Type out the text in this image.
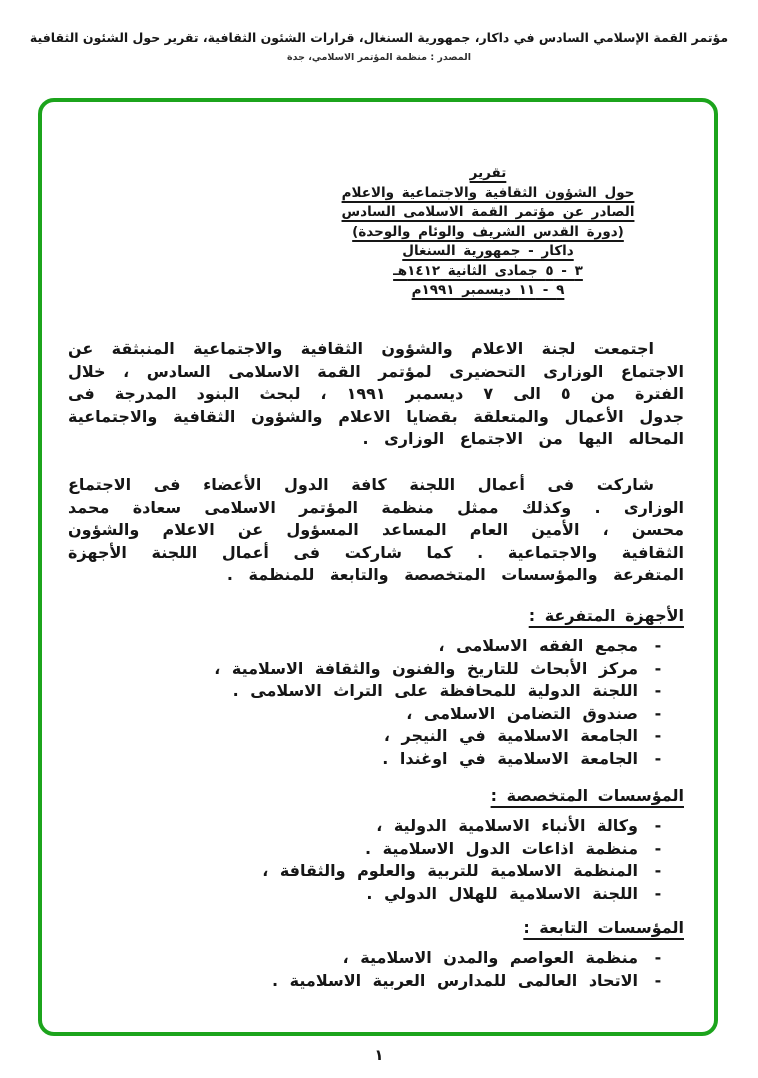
مؤتمر القمة الإسلامي السادس في داكار، جمهورية السنغال، قرارات الشئون الثقافية، تقرير حول الشئون الثقافية
المصدر : منظمة المؤتمر الاسلامي، جدة
تقرير
حول الشؤون الثقافية والاجتماعية والاعلام
الصادر عن مؤتمر القمة الاسلامى السادس
(دورة القدس الشريف والوئام والوحدة)
داكار - جمهورية السنغال
٣ - ٥ جمادى الثانية ١٤١٢هـ
٩ - ١١ ديسمبر ١٩٩١م

اجتمعت لجنة الاعلام والشؤون الثقافية والاجتماعية المنبثقة عن الاجتماع الوزارى التحضيرى لمؤتمر القمة الاسلامى السادس ، خلال الفترة من ٥ الى ٧ ديسمبر ١٩٩١ ، لبحث البنود المدرجة فى جدول الأعمال والمتعلقة بقضايا الاعلام والشؤون الثقافية والاجتماعية المحاله اليها من الاجتماع الوزارى .

شاركت فى أعمال اللجنة كافة الدول الأعضاء فى الاجتماع الوزارى . وكذلك ممثل منظمة المؤتمر الاسلامى سعادة محمد محسن ، الأمين العام المساعد المسؤول عن الاعلام والشؤون الثقافية والاجتماعية . كما شاركت فى أعمال اللجنة الأجهزة المتفرعة والمؤسسات المتخصصة والتابعة للمنظمة .

الأجهزة المتفرعة :
-
مجمع الفقه الاسلامى ،
-
مركز الأبحاث للتاريخ والفنون والثقافة الاسلامية ،
-
اللجنة الدولية للمحافظة على التراث الاسلامى .
-
صندوق التضامن الاسلامى ،
-
الجامعة الاسلامية في النيجر ،
-
الجامعة الاسلامية في اوغندا .
المؤسسات المتخصصة :
-
وكالة الأنباء الاسلامية الدولية ،
-
منظمة اذاعات الدول الاسلامية .
-
المنظمة الاسلامية للتربية والعلوم والثقافة ،
-
اللجنة الاسلامية للهلال الدولي .
المؤسسات التابعة :
-
منظمة العواصم والمدن الاسلامية ،
-
الاتحاد العالمى للمدارس العربية الاسلامية .
١
